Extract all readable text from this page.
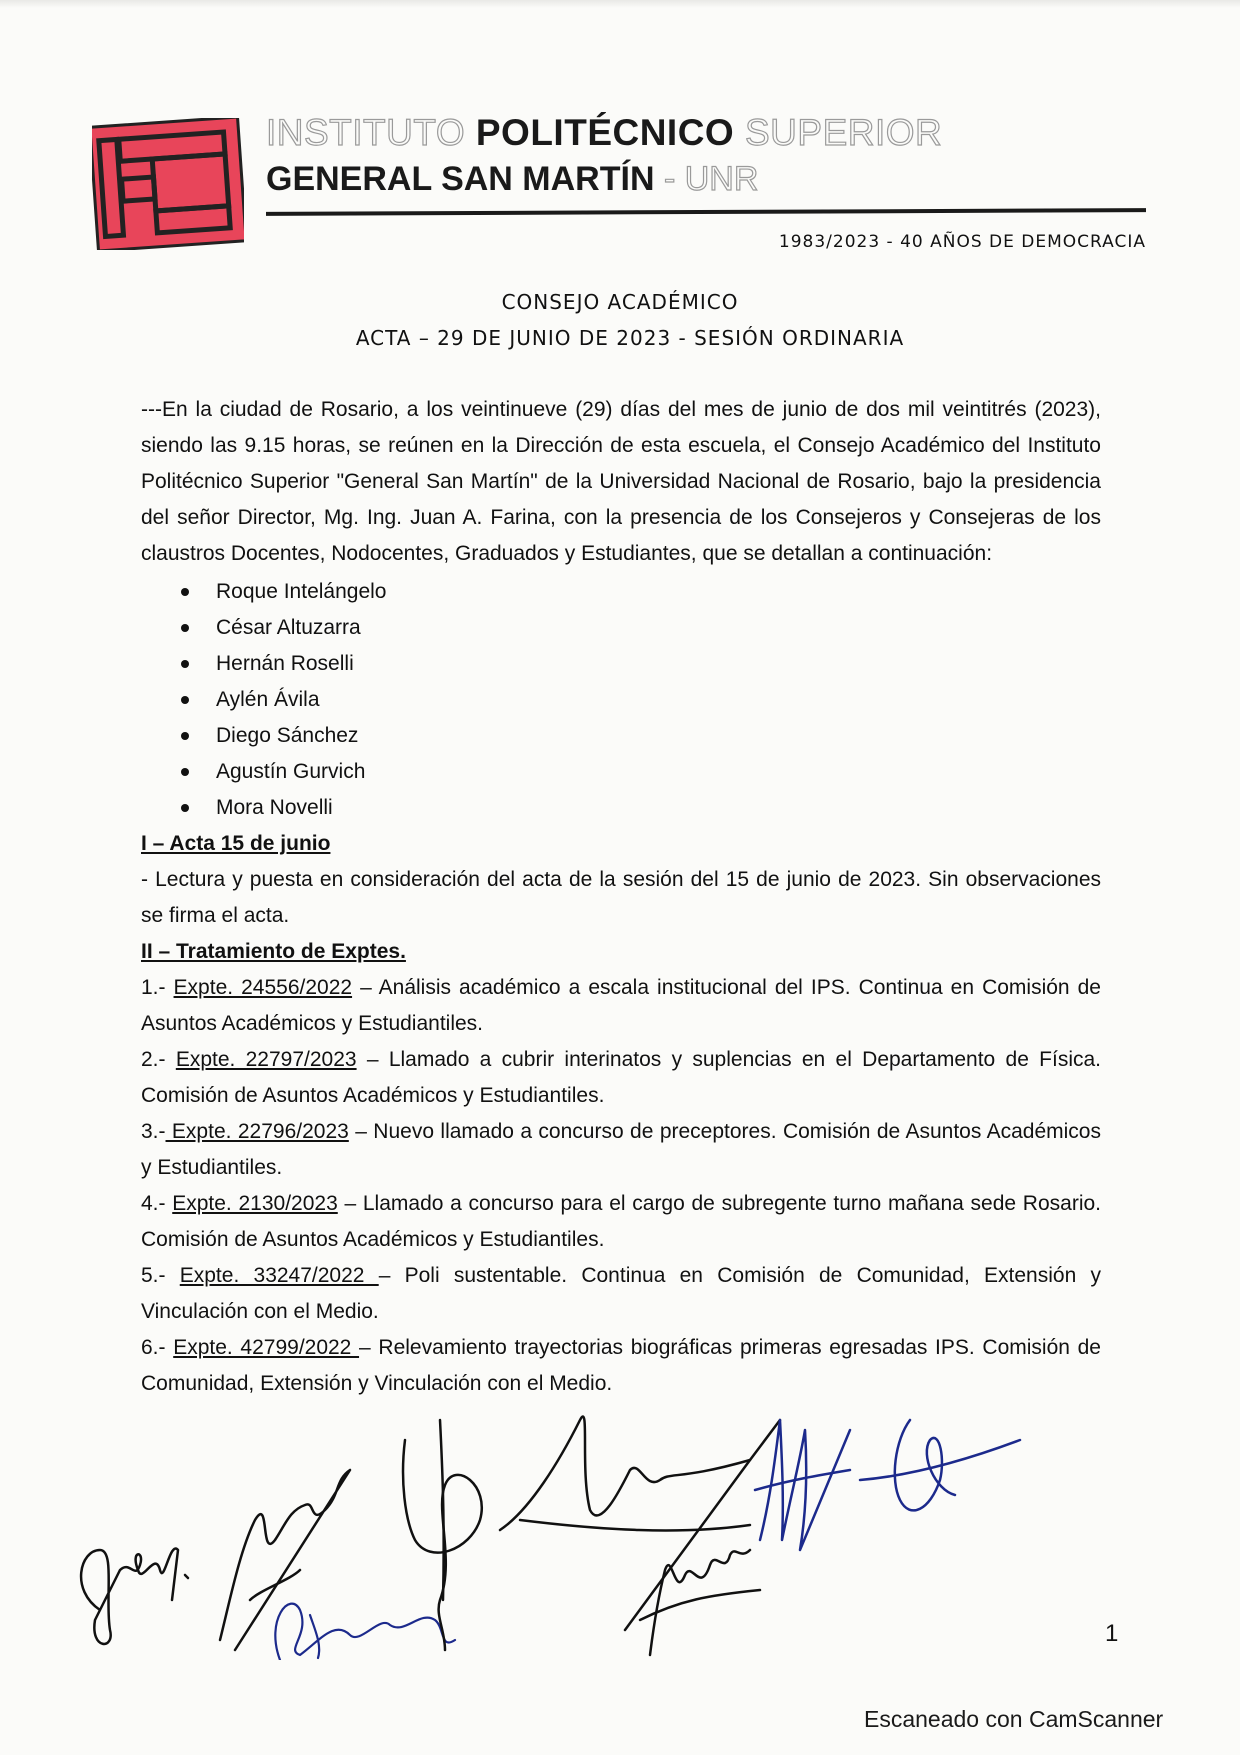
INSTITUTO POLITÉCNICO SUPERIOR
GENERAL SAN MARTÍN - UNR
1983/2023 - 40 AÑOS DE DEMOCRACIA
CONSEJO ACADÉMICO
ACTA – 29 DE JUNIO DE 2023 - SESIÓN ORDINARIA

---En la ciudad de Rosario, a los veintinueve (29) días del mes de junio de dos mil veintitrés (2023), siendo las 9.15 horas, se reúnen en la Dirección de esta escuela, el Consejo Académico del Instituto Politécnico Superior "General San Martín" de la Universidad Nacional de Rosario, bajo la presidencia del señor Director, Mg. Ing. Juan A. Farina, con la presencia de los Consejeros y Consejeras de los claustros Docentes, Nodocentes, Graduados y Estudiantes, que se detallan a continuación:

Roque Intelángelo
César Altuzarra
Hernán Roselli
Aylén Ávila
Diego Sánchez
Agustín Gurvich
Mora Novelli

I – Acta 15 de junio

- Lectura y puesta en consideración del acta de la sesión del 15 de junio de 2023. Sin observaciones se firma el acta.

II – Tratamiento de Exptes.

1.- Expte. 24556/2022 – Análisis académico a escala institucional del IPS. Continua en Comisión de Asuntos Académicos y Estudiantiles.

2.- Expte. 22797/2023 – Llamado a cubrir interinatos y suplencias en el Departamento de Física. Comisión de Asuntos Académicos y Estudiantiles.

3.- Expte. 22796/2023 – Nuevo llamado a concurso de preceptores. Comisión de Asuntos Académicos y Estudiantiles.

4.- Expte. 2130/2023 – Llamado a concurso para el cargo de subregente turno mañana sede Rosario. Comisión de Asuntos Académicos y Estudiantiles.

5.- Expte. 33247/2022 – Poli sustentable. Continua en Comisión de Comunidad, Extensión y Vinculación con el Medio.

6.- Expte. 42799/2022 – Relevamiento trayectorias biográficas primeras egresadas IPS. Comisión de Comunidad, Extensión y Vinculación con el Medio.

1
Escaneado con CamScanner
